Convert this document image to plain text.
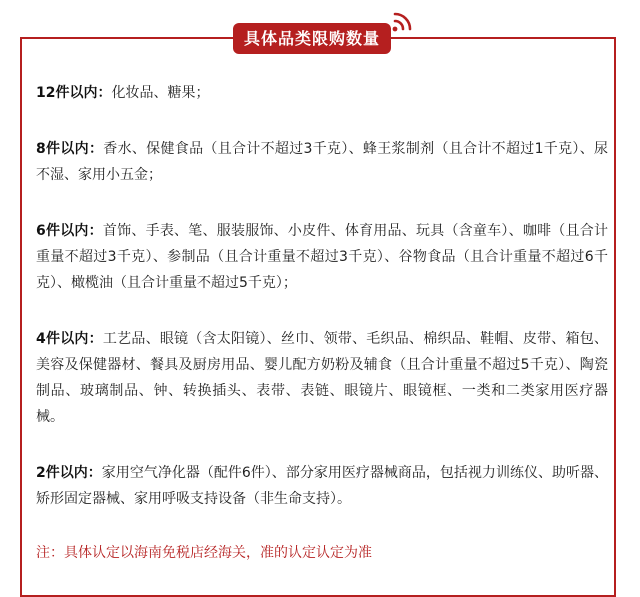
具体品类限购数量

12件以内：化妆品、糖果；

8件以内：香水、保健食品（且合计不超过3千克）、蜂王浆制剂（且合计不超过1千克）、尿不湿、家用小五金；

6件以内：首饰、手表、笔、服装服饰、小皮件、体育用品、玩具（含童车）、咖啡（且合计重量不超过3千克）、参制品（且合计重量不超过3千克）、谷物食品（且合计重量不超过6千克）、橄榄油（且合计重量不超过5千克）；

4件以内：工艺品、眼镜（含太阳镜）、丝巾、领带、毛织品、棉织品、鞋帽、皮带、箱包、美容及保健器材、餐具及厨房用品、婴儿配方奶粉及辅食（且合计重量不超过5千克）、陶瓷制品、玻璃制品、钟、转换插头、表带、表链、眼镜片、眼镜框、一类和二类家用医疗器械。

2件以内：家用空气净化器（配件6件）、部分家用医疗器械商品，包括视力训练仪、助听器、矫形固定器械、家用呼吸支持设备（非生命支持）。

注：具体认定以海南免税店经海关，准的认定认定为准
